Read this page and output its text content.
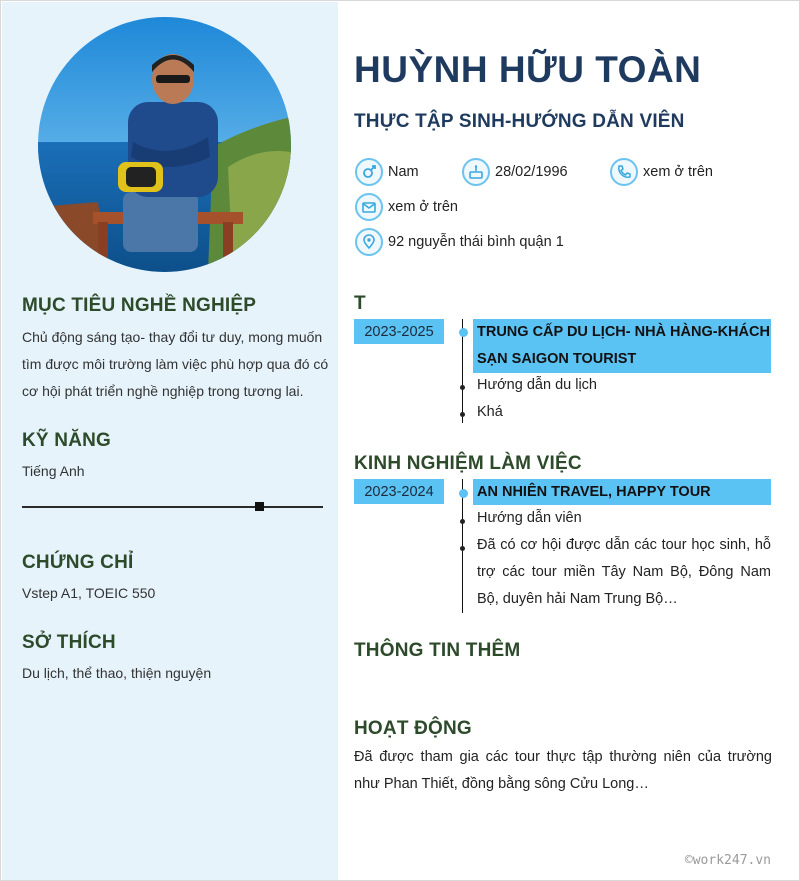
MỤC TIÊU NGHỀ NGHIỆP
Chủ động sáng tạo- thay đổi tư duy, mong muốn
tìm được môi trường làm việc phù hợp qua đó có
cơ hội phát triển nghề nghiệp trong tương lai.
KỸ NĂNG
Tiếng Anh
CHỨNG CHỈ
Vstep A1, TOEIC 550
SỞ THÍCH
Du lịch, thể thao, thiện nguyện
HUỲNH HỮU TOÀN
THỰC TẬP SINH-HƯỚNG DẪN VIÊN
Nam	28/02/1996	xem ở trên
xem ở trên
92 nguyễn thái bình quận 1
T
2023-2025	TRUNG CẤP DU LỊCH- NHÀ HÀNG-KHÁCH
SẠN SAIGON TOURIST
Hướng dẫn du lịch
Khá
KINH NGHIỆM LÀM VIỆC
2023-2024	AN NHIÊN TRAVEL, HAPPY TOUR
Hướng dẫn viên
Đã có cơ hội được dẫn các tour học sinh, hỗ
trợ các tour miền Tây Nam Bộ, Đông Nam
Bộ, duyên hải Nam Trung Bộ…
THÔNG TIN THÊM
HOẠT ĐỘNG
Đã được tham gia các tour thực tập thường niên của trường
như Phan Thiết, đồng bằng sông Cửu Long…
©work247.vn
